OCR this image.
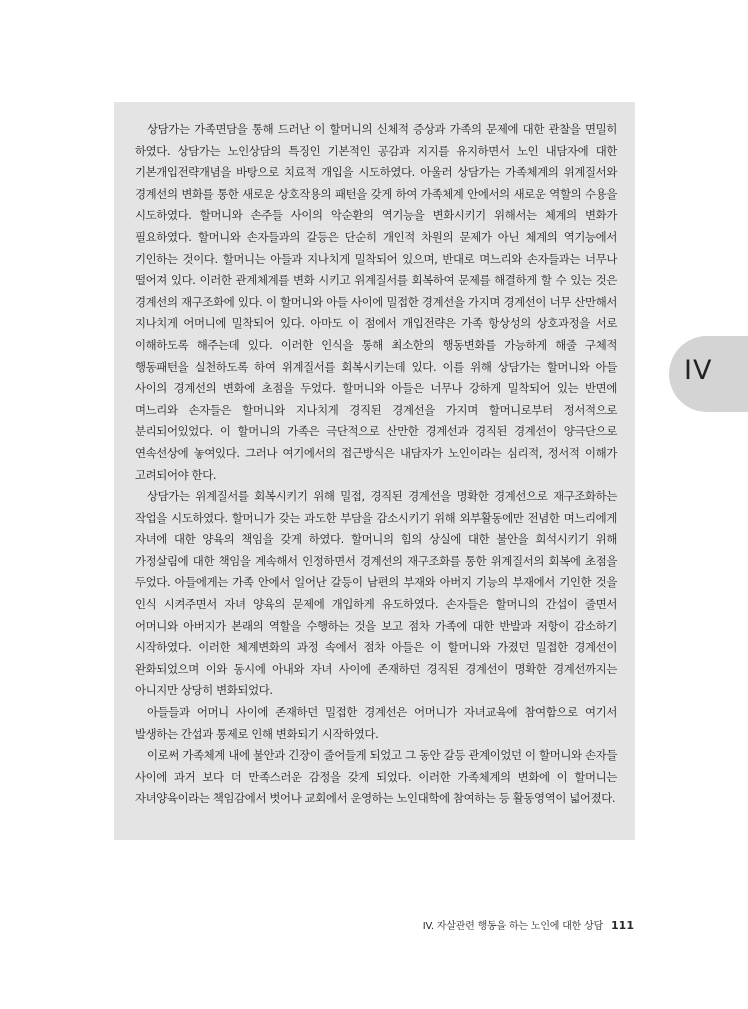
상담가는 가족면담을 통해 드러난 이 할머니의 신체적 증상과 가족의 문제에 대한 관찰을 면밀히 하였다. 상담가는 노인상담의 특징인 기본적인 공감과 지지를 유지하면서 노인 내담자에 대한 기본개입전략개념을 바탕으로 치료적 개입을 시도하였다. 아울러 상담가는 가족체계의 위계질서와 경계선의 변화를 통한 새로운 상호작용의 패턴을 갖게 하여 가족체계 안에서의 새로운 역할의 수용을 시도하였다. 할머니와 손주들 사이의 악순환의 역기능을 변화시키기 위해서는 체계의 변화가 필요하였다. 할머니와 손자들과의 갈등은 단순히 개인적 차원의 문제가 아닌 체계의 역기능에서 기인하는 것이다. 할머니는 아들과 지나치게 밀착되어 있으며, 반대로 며느리와 손자들과는 너무나 떨어져 있다. 이러한 관계체계를 변화 시키고 위계질서를 회복하여 문제를 해결하게 할 수 있는 것은 경계선의 재구조화에 있다. 이 할머니와 아들 사이에 밀접한 경계선을 가지며 경계선이 너무 산만해서 지나치게 어머니에 밀착되어 있다. 아마도 이 점에서 개입전략은 가족 항상성의 상호과정을 서로 이해하도록 해주는데 있다. 이러한 인식을 통해 최소한의 행동변화를 가능하게 해줄 구체적 행동패턴을 실천하도록 하여 위계질서를 회복시키는데 있다. 이를 위해 상담가는 할머니와 아들 사이의 경계선의 변화에 초점을 두었다. 할머니와 아들은 너무나 강하게 밀착되어 있는 반면에 며느리와 손자들은 할머니와 지나치게 경직된 경계선을 가지며 할머니로부터 정서적으로 분리되어있었다. 이 할머니의 가족은 극단적으로 산만한 경계선과 경직된 경계선이 양극단으로 연속선상에 놓여있다. 그러나 여기에서의 접근방식은 내담자가 노인이라는 심리적, 정서적 이해가 고려되어야 한다.

상담가는 위계질서를 회복시키기 위해 밀접, 경직된 경계선을 명확한 경계선으로 재구조화하는 작업을 시도하였다. 할머니가 갖는 과도한 부담을 감소시키기 위해 외부활동에만 전념한 며느리에게 자녀에 대한 양육의 책임을 갖게 하였다. 할머니의 힘의 상실에 대한 불안을 희석시키기 위해 가정살림에 대한 책임을 계속해서 인정하면서 경계선의 재구조화를 통한 위계질서의 회복에 초점을 두었다. 아들에게는 가족 안에서 일어난 갈등이 남편의 부재와 아버지 기능의 부재에서 기인한 것을 인식 시켜주면서 자녀 양육의 문제에 개입하게 유도하였다. 손자들은 할머니의 간섭이 줄면서 어머니와 아버지가 본래의 역할을 수행하는 것을 보고 점차 가족에 대한 반발과 저항이 감소하기 시작하였다. 이러한 체계변화의 과정 속에서 점차 아들은 이 할머니와 가졌던 밀접한 경계선이 완화되었으며 이와 동시에 아내와 자녀 사이에 존재하던 경직된 경계선이 명확한 경계선까지는 아니지만 상당히 변화되었다.

아들들과 어머니 사이에 존재하던 밀접한 경계선은 어머니가 자녀교육에 참여함으로 여기서 발생하는 간섭과 통제로 인해 변화되기 시작하였다.

이로써 가족체계 내에 불안과 긴장이 줄어들게 되었고 그 동안 갈등 관계이었던 이 할머니와 손자들 사이에 과거 보다 더 만족스러운 감정을 갖게 되었다. 이러한 가족체계의 변화에 이 할머니는 자녀양육이라는 책임감에서 벗어나 교회에서 운영하는 노인대학에 참여하는 등 활동영역이 넓어졌다.

IV
IV. 자살관련 행동을 하는 노인에 대한 상담 111
